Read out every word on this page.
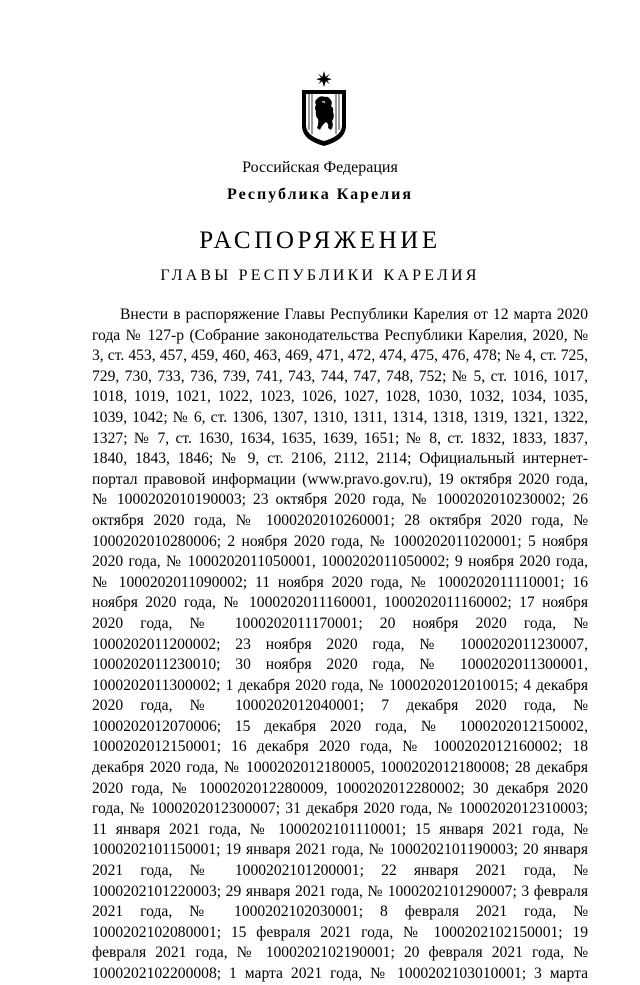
Российская Федерация
Республика Карелия
РАСПОРЯЖЕНИЕ
ГЛАВЫ РЕСПУБЛИКИ КАРЕЛИЯ

Внести в распоряжение Главы Республики Карелия от 12 марта 2020 года № 127-р (Собрание законодательства Республики Карелия, 2020, № 3, ст. 453, 457, 459, 460, 463, 469, 471, 472, 474, 475, 476, 478; № 4, ст. 725, 729, 730, 733, 736, 739, 741, 743, 744, 747, 748, 752; № 5, ст. 1016, 1017, 1018, 1019, 1021, 1022, 1023, 1026, 1027, 1028, 1030, 1032, 1034, 1035, 1039, 1042; № 6, ст. 1306, 1307, 1310, 1311, 1314, 1318, 1319, 1321, 1322, 1327; № 7, ст. 1630, 1634, 1635, 1639, 1651; № 8, ст. 1832, 1833, 1837, 1840, 1843, 1846; № 9, ст. 2106, 2112, 2114; Официальный интернет-портал правовой информации (www.pravo.gov.ru), 19 октября 2020 года, № 1000202010190003; 23 октября 2020 года, № 1000202010230002; 26 октября 2020 года, № 1000202010260001; 28 октября 2020 года, № 1000202010280006; 2 ноября 2020 года, № 1000202011020001; 5 ноября 2020 года, № 1000202011050001, 1000202011050002; 9 ноября 2020 года, № 1000202011090002; 11 ноября 2020 года, № 1000202011110001; 16 ноября 2020 года, № 1000202011160001, 1000202011160002; 17 ноября 2020 года, № 1000202011170001; 20 ноября 2020 года, № 1000202011200002; 23 ноября 2020 года, № 1000202011230007, 1000202011230010; 30 ноября 2020 года, № 1000202011300001, 1000202011300002; 1 декабря 2020 года, № 1000202012010015; 4 декабря 2020 года, № 1000202012040001; 7 декабря 2020 года, № 1000202012070006; 15 декабря 2020 года, № 1000202012150002, 1000202012150001; 16 декабря 2020 года, № 1000202012160002; 18 декабря 2020 года, № 1000202012180005, 1000202012180008; 28 декабря 2020 года, № 1000202012280009, 1000202012280002; 30 декабря 2020 года, № 1000202012300007; 31 декабря 2020 года, № 1000202012310003; 11 января 2021 года, № 1000202101110001; 15 января 2021 года, № 1000202101150001; 19 января 2021 года, № 1000202101190003; 20 января 2021 года, № 1000202101200001; 22 января 2021 года, № 1000202101220003; 29 января 2021 года, № 1000202101290007; 3 февраля 2021 года, № 1000202102030001; 8 февраля 2021 года, № 1000202102080001; 15 февраля 2021 года, № 1000202102150001; 19 февраля 2021 года, № 1000202102190001; 20 февраля 2021 года, № 1000202102200008; 1 марта 2021 года, № 1000202103010001; 3 марта
